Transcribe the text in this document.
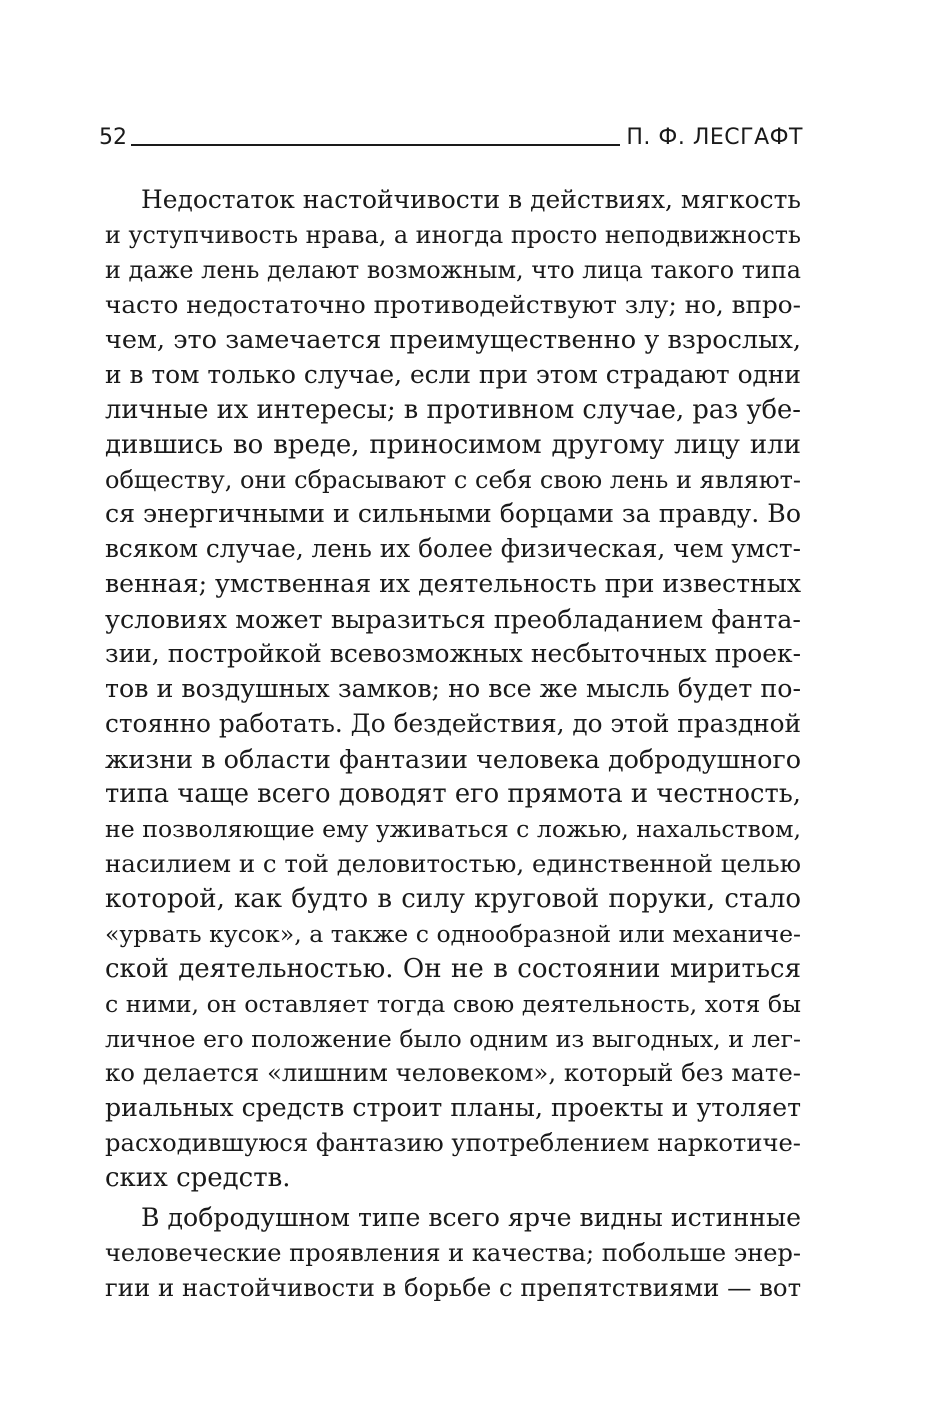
52	П. Ф. ЛЕСГАФТ
Недостаток настойчивости в действиях, мягкость
и уступчивость нрава, а иногда просто неподвижность
и даже лень делают возможным, что лица такого типа
часто недостаточно противодействуют злу; но, впро-
чем, это замечается преимущественно у взрослых,
и в том только случае, если при этом страдают одни
личные их интересы; в противном случае, раз убе-
дившись во вреде, приносимом другому лицу или
обществу, они сбрасывают с себя свою лень и являют-
ся энергичными и сильными борцами за правду. Во
всяком случае, лень их более физическая, чем умст-
венная; умственная их деятельность при известных
условиях может выразиться преобладанием фанта-
зии, постройкой всевозможных несбыточных проек-
тов и воздушных замков; но все же мысль будет по-
стоянно работать. До бездействия, до этой праздной
жизни в области фантазии человека добродушного
типа чаще всего доводят его прямота и честность,
не позволяющие ему уживаться с ложью, нахальством,
насилием и с той деловитостью, единственной целью
которой, как будто в силу круговой поруки, стало
«урвать кусок», а также с однообразной или механиче-
ской деятельностью. Он не в состоянии мириться
с ними, он оставляет тогда свою деятельность, хотя бы
личное его положение было одним из выгодных, и лег-
ко делается «лишним человеком», который без мате-
риальных средств строит планы, проекты и утоляет
расходившуюся фантазию употреблением наркотиче-
ских средств.
В добродушном типе всего ярче видны истинные
человеческие проявления и качества; побольше энер-
гии и настойчивости в борьбе с препятствиями — вот
